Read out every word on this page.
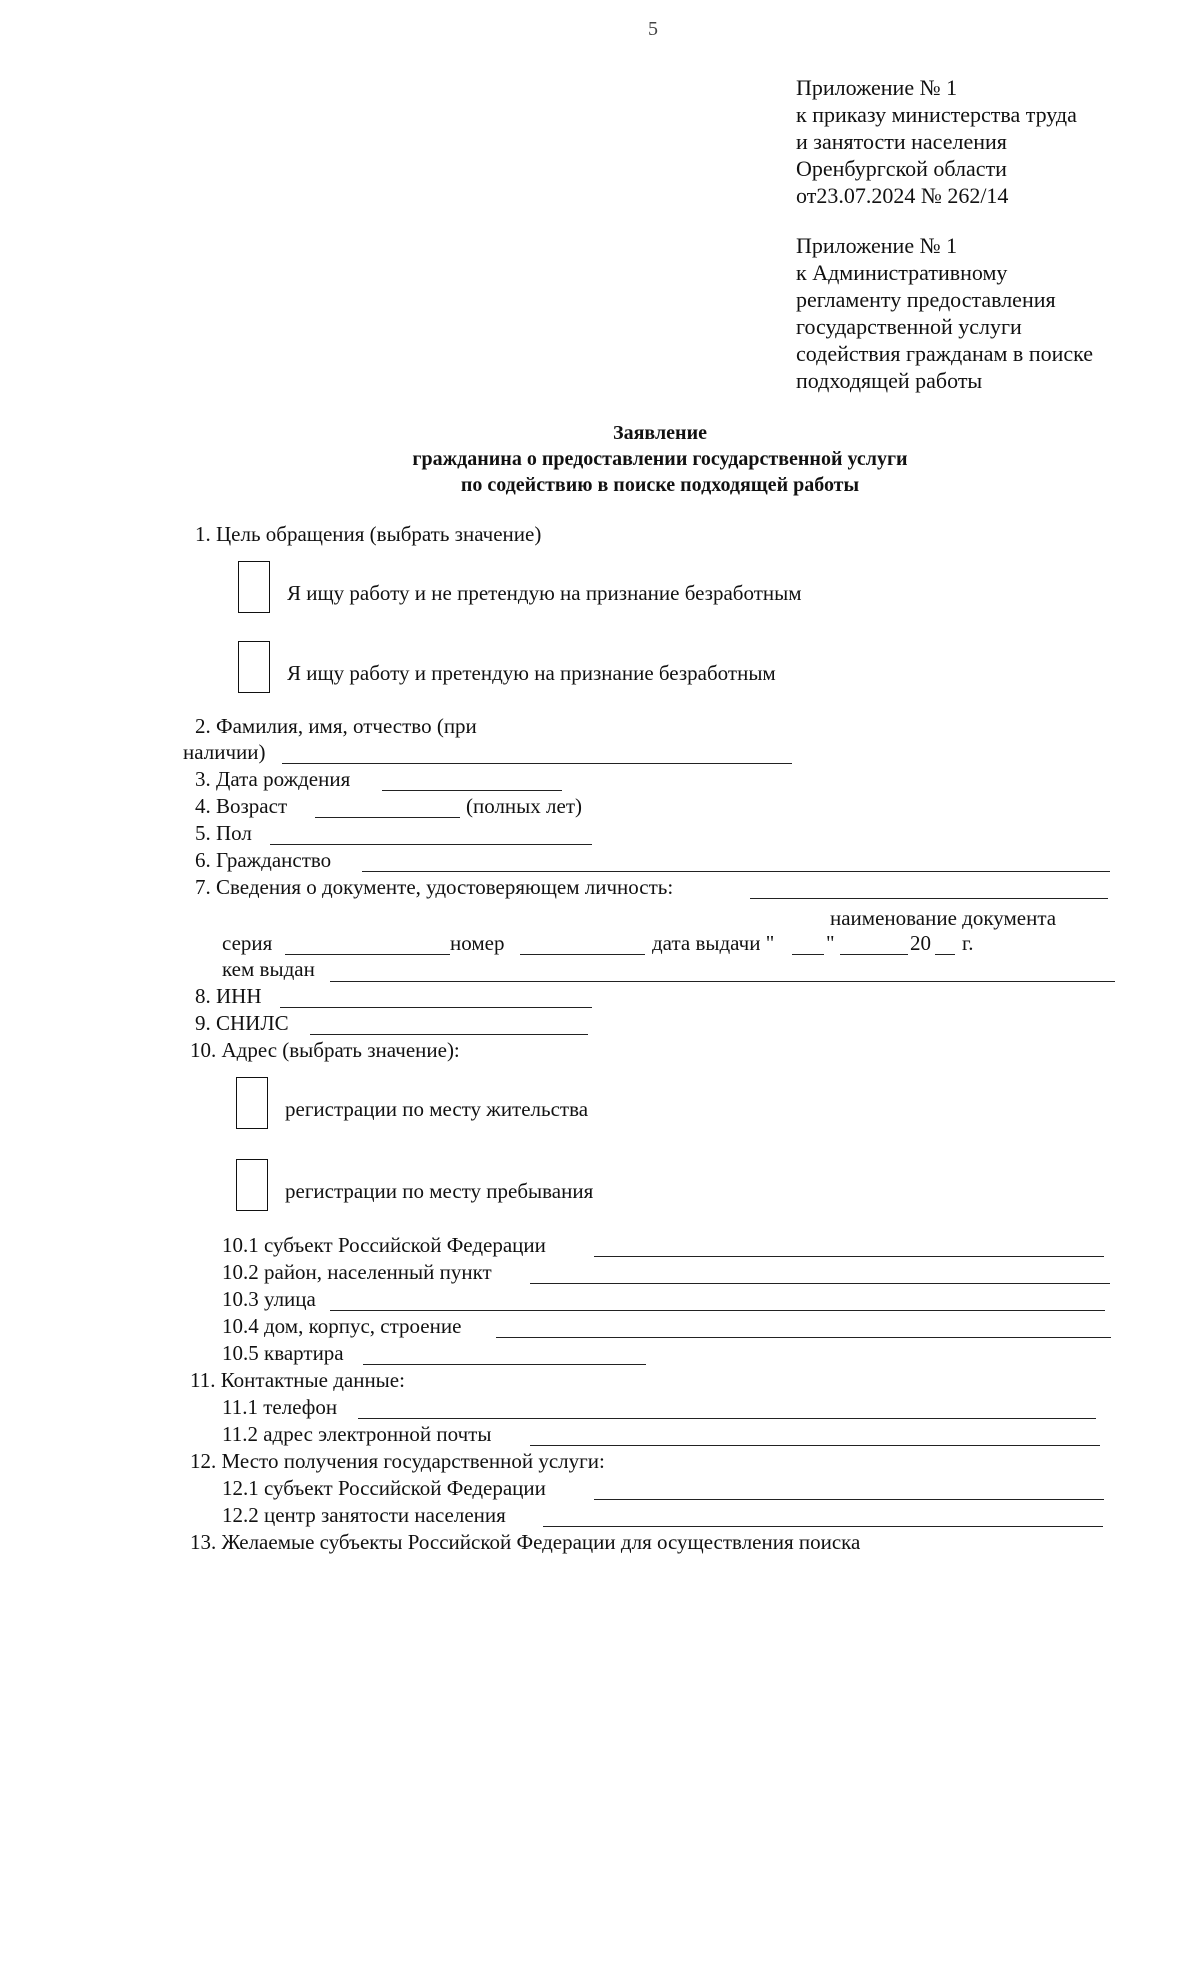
5
Приложение № 1
к приказу министерства труда
и занятости населения
Оренбургской области
от23.07.2024 № 262/14
Приложение № 1
к Административному
регламенту предоставления
государственной услуги
содействия гражданам в поиске
подходящей работы
Заявление
гражданина о предоставлении государственной услуги
по содействию в поиске подходящей работы
1. Цель обращения (выбрать значение)
Я ищу работу и не претендую на признание безработным
Я ищу работу и претендую на признание безработным
2. Фамилия, имя, отчество (при
наличии)
3. Дата рождения
4. Возраст	(полных лет)
5. Пол
6. Гражданство
7. Сведения о документе, удостоверяющем личность:
наименование документа
серия	номер	дата выдачи " "	20 г.
кем выдан
8. ИНН
9. СНИЛС
10. Адрес (выбрать значение):
регистрации по месту жительства
регистрации по месту пребывания
10.1 субъект Российской Федерации
10.2 район, населенный пункт
10.3 улица
10.4 дом, корпус, строение
10.5 квартира
11. Контактные данные:
11.1 телефон
11.2 адрес электронной почты
12. Место получения государственной услуги:
12.1 субъект Российской Федерации
12.2 центр занятости населения
13. Желаемые субъекты Российской Федерации для осуществления поиска
